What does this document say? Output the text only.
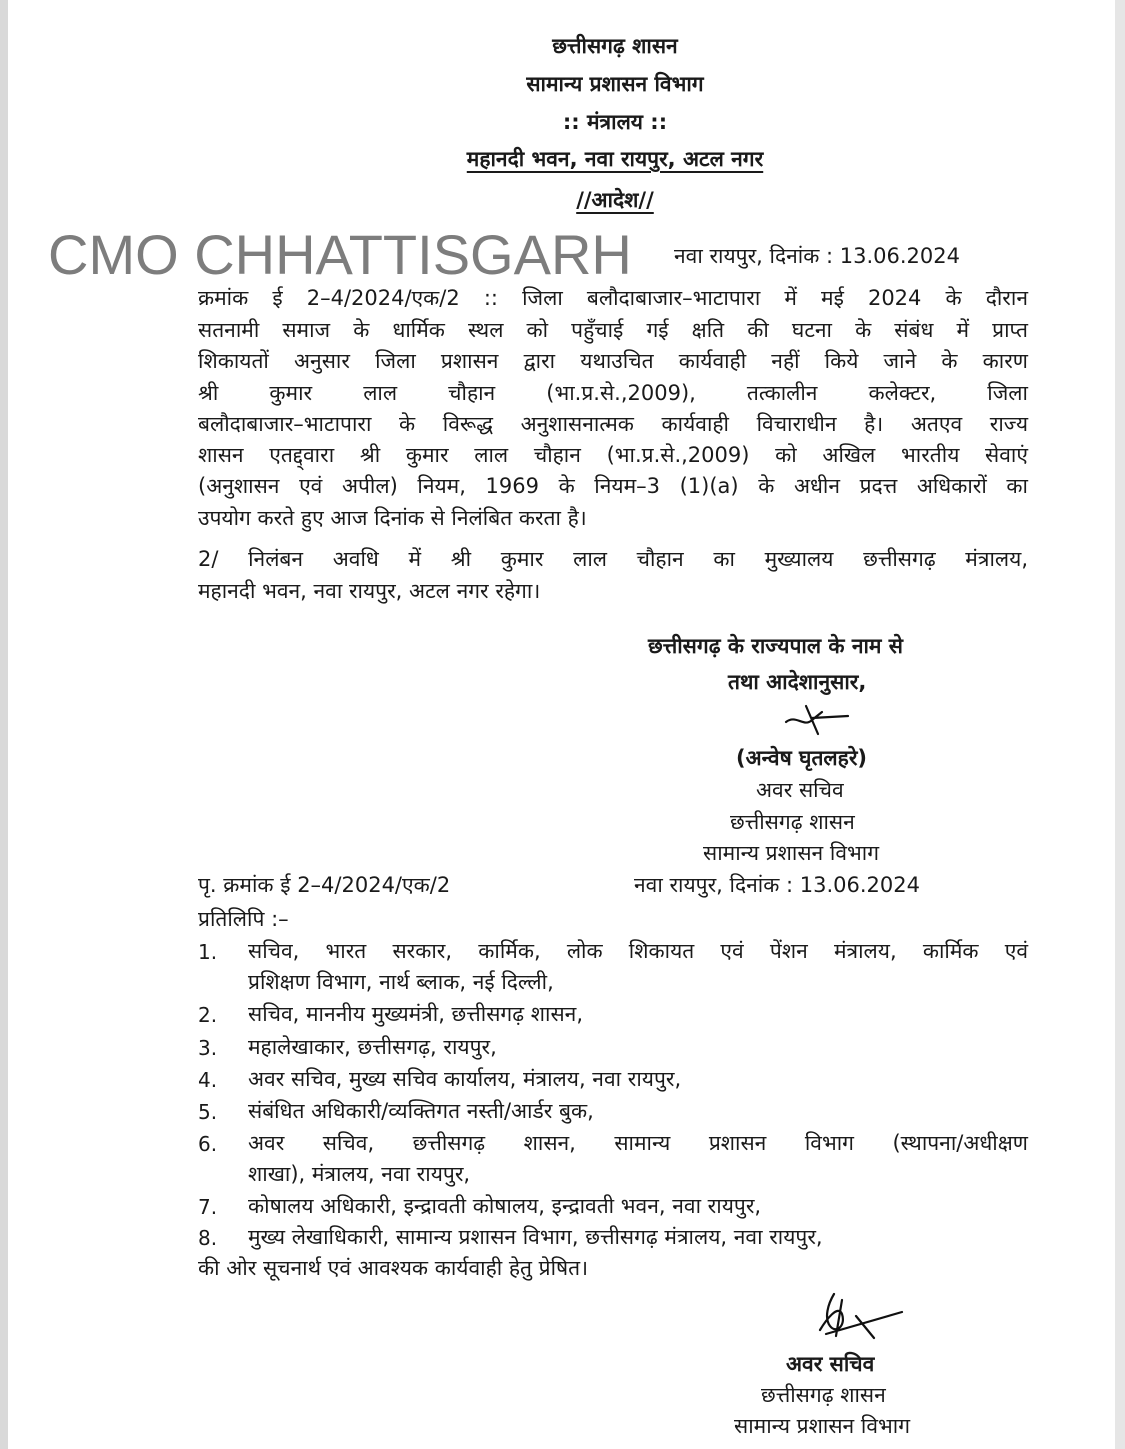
छत्तीसगढ़ शासन
सामान्य प्रशासन विभाग
:: मंत्रालय ::
महानदी भवन, नवा रायपुर, अटल नगर
//आदेश//
CMO CHHATTISGARH नवा रायपुर, दिनांक : 13.06.2024
क्रमांक ई 2–4/2024/एक/2 :: जिला बलौदाबाजार–भाटापारा में मई 2024 के दौरान
सतनामी समाज के धार्मिक स्थल को पहुँचाई गई क्षति की घटना के संबंध में प्राप्त
शिकायतों अनुसार जिला प्रशासन द्वारा यथाउचित कार्यवाही नहीं किये जाने के कारण
श्री कुमार लाल चौहान (भा.प्र.से.,2009), तत्कालीन कलेक्टर, जिला
बलौदाबाजार–भाटापारा के विरूद्ध अनुशासनात्मक कार्यवाही विचाराधीन है। अतएव राज्य
शासन एतद्द्वारा श्री कुमार लाल चौहान (भा.प्र.से.,2009) को अखिल भारतीय सेवाएं
(अनुशासन एवं अपील) नियम, 1969 के नियम–3 (1)(a) के अधीन प्रदत्त अधिकारों का
उपयोग करते हुए आज दिनांक से निलंबित करता है।
2/ निलंबन अवधि में श्री कुमार लाल चौहान का मुख्यालय छत्तीसगढ़ मंत्रालय,
महानदी भवन, नवा रायपुर, अटल नगर रहेगा।
छत्तीसगढ़ के राज्यपाल के नाम से
तथा आदेशानुसार,
(अन्वेष घृतलहरे)
अवर सचिव
छत्तीसगढ़ शासन
सामान्य प्रशासन विभाग
पृ. क्रमांक ई 2–4/2024/एक/2	नवा रायपुर, दिनांक : 13.06.2024
प्रतिलिपि :–
1. सचिव, भारत सरकार, कार्मिक, लोक शिकायत एवं पेंशन मंत्रालय, कार्मिक एवं
प्रशिक्षण विभाग, नार्थ ब्लाक, नई दिल्ली,
2. सचिव, माननीय मुख्यमंत्री, छत्तीसगढ़ शासन,
3. महालेखाकार, छत्तीसगढ़, रायपुर,
4. अवर सचिव, मुख्य सचिव कार्यालय, मंत्रालय, नवा रायपुर,
5. संबंधित अधिकारी/व्यक्तिगत नस्ती/आर्डर बुक,
6. अवर सचिव, छत्तीसगढ़ शासन, सामान्य प्रशासन विभाग (स्थापना/अधीक्षण
शाखा), मंत्रालय, नवा रायपुर,
7. कोषालय अधिकारी, इन्द्रावती कोषालय, इन्द्रावती भवन, नवा रायपुर,
8. मुख्य लेखाधिकारी, सामान्य प्रशासन विभाग, छत्तीसगढ़ मंत्रालय, नवा रायपुर,
की ओर सूचनार्थ एवं आवश्यक कार्यवाही हेतु प्रेषित।
अवर सचिव
छत्तीसगढ़ शासन
सामान्य प्रशासन विभाग
